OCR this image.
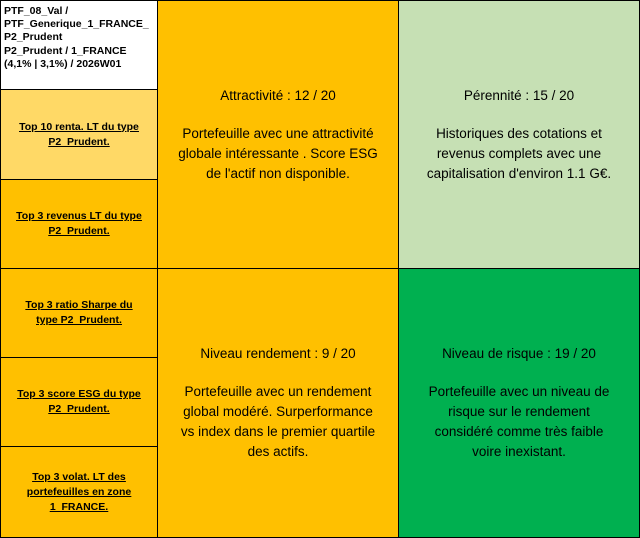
PTF_08_Val /
PTF_Generique_1_FRANCE_
P2_Prudent
P2_Prudent / 1_FRANCE
(4,1% | 3,1%) / 2026W01
Top 10 renta. LT du type
P2_Prudent.
Top 3 revenus LT du type
P2_Prudent.
Top 3 ratio Sharpe du
type P2_Prudent.
Top 3 score ESG du type
P2_Prudent.
Top 3 volat. LT des
portefeuilles en zone
1_FRANCE.
Attractivité : 12 / 20
Portefeuille avec une attractivité
globale intéressante . Score ESG
de l'actif non disponible.
Pérennité : 15 / 20
Historiques des cotations et
revenus complets avec une
capitalisation d'environ 1.1 G€.
Niveau rendement : 9 / 20
Portefeuille avec un rendement
global modéré. Surperformance
vs index dans le premier quartile
des actifs.
Niveau de risque : 19 / 20
Portefeuille avec un niveau de
risque sur le rendement
considéré comme très faible
voire inexistant.
